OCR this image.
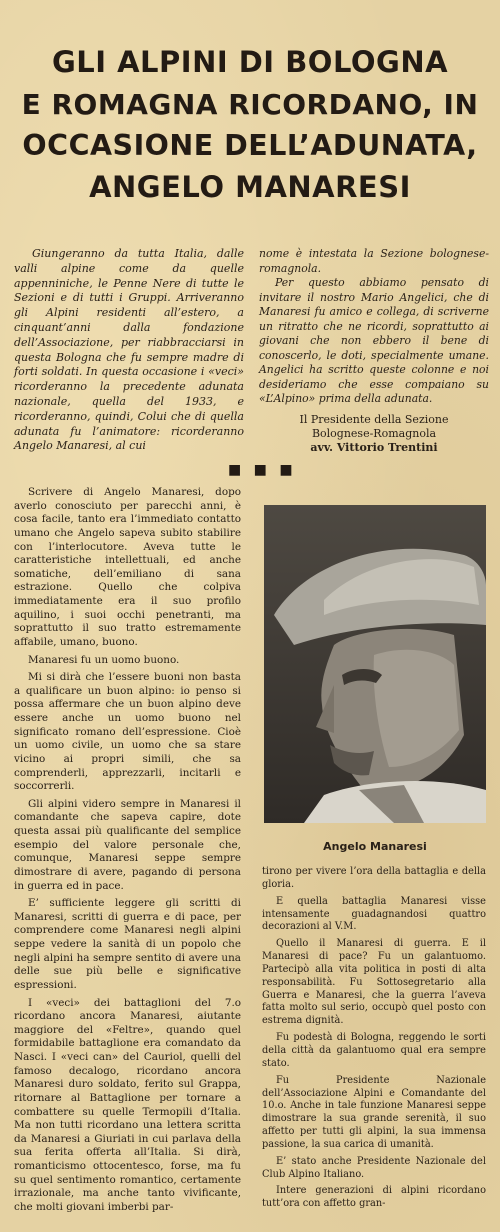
GLI ALPINI DI BOLOGNA
E ROMAGNA RICORDANO, IN
OCCASIONE DELL’ADUNATA,
ANGELO MANARESI

Giungeranno da tutta Italia, dalle valli alpine come da quelle appenniniche, le Penne Nere di tutte le Sezioni e di tutti i Gruppi. Arriveranno gli Alpini residenti all’estero, a cinquant’anni dalla fondazione dell’Associazione, per riabbracciarsi in questa Bologna che fu sempre madre di forti soldati. In questa occasione i «veci» ricorderanno la precedente adunata nazionale, quella del 1933, e ricorderanno, quindi, Colui che di quella adunata fu l’animatore: ricorderanno Angelo Manaresi, al cui

nome è intestata la Sezione bolognese-romagnola.

Per questo abbiamo pensato di invitare il nostro Mario Angelici, che di Manaresi fu amico e collega, di scriverne un ritratto che ne ricordi, soprattutto ai giovani che non ebbero il bene di conoscerlo, le doti, specialmente umane. Angelici ha scritto queste colonne e noi desideriamo che esse compaiano su «L’Alpino» prima della adunata.

Il Presidente della Sezione
Bolognese-Romagnola
avv. Vittorio Trentini
■ ■ ■

Scrivere di Angelo Manaresi, dopo averlo conosciuto per parecchi anni, è cosa facile, tanto era l’immediato contatto umano che Angelo sapeva subito stabilire con l’interlocutore. Aveva tutte le caratteristiche intellettuali, ed anche somatiche, dell’emiliano di sana estrazione. Quello che colpiva immediatamente era il suo profilo aquilino, i suoi occhi penetranti, ma soprattutto il suo tratto estremamente affabile, umano, buono.

Manaresi fu un uomo buono.

Mi si dirà che l’essere buoni non basta a qualificare un buon alpino: io penso si possa affermare che un buon alpino deve essere anche un uomo buono nel significato romano dell’espressione. Cioè un uomo civile, un uomo che sa stare vicino ai propri simili, che sa comprenderli, apprezzarli, incitarli e soccorrerli.

Gli alpini videro sempre in Manaresi il comandante che sapeva capire, dote questa assai più qualificante del semplice esempio del valore personale che, comunque, Manaresi seppe sempre dimostrare di avere, pagando di persona in guerra ed in pace.

E’ sufficiente leggere gli scritti di Manaresi, scritti di guerra e di pace, per comprendere come Manaresi negli alpini seppe vedere la sanità di un popolo che negli alpini ha sempre sentito di avere una delle sue più belle e significative espressioni.

I «veci» dei battaglioni del 7.o ricordano ancora Manaresi, aiutante maggiore del «Feltre», quando quel formidabile battaglione era comandato da Nasci. I «veci can» del Cauriol, quelli del famoso decalogo, ricordano ancora Manaresi duro soldato, ferito sul Grappa, ritornare al Battaglione per tornare a combattere su quelle Termopili d’Italia. Ma non tutti ricordano una lettera scritta da Manaresi a Giuriati in cui parlava della sua ferita offerta all’Italia. Si dirà, romanticismo ottocentesco, forse, ma fu su quel sentimento romantico, certamente irrazionale, ma anche tanto vivificante, che molti giovani imberbi par-

Angelo Manaresi

tirono per vivere l’ora della battaglia e della gloria.

E quella battaglia Manaresi visse intensamente guadagnandosi quattro decorazioni al V.M.

Quello il Manaresi di guerra. E il Manaresi di pace? Fu un galantuomo. Partecipò alla vita politica in posti di alta responsabilità. Fu Sottosegretario alla Guerra e Manaresi, che la guerra l’aveva fatta molto sul serio, occupò quel posto con estrema dignità.

Fu podestà di Bologna, reggendo le sorti della città da galantuomo qual era sempre stato.

Fu Presidente Nazionale dell’Associazione Alpini e Comandante del 10.o. Anche in tale funzione Manaresi seppe dimostrare la sua grande serenità, il suo affetto per tutti gli alpini, la sua immensa passione, la sua carica di umanità.

E’ stato anche Presidente Nazionale del Club Alpino Italiano.

Intere generazioni di alpini ricordano tutt’ora con affetto gran-
